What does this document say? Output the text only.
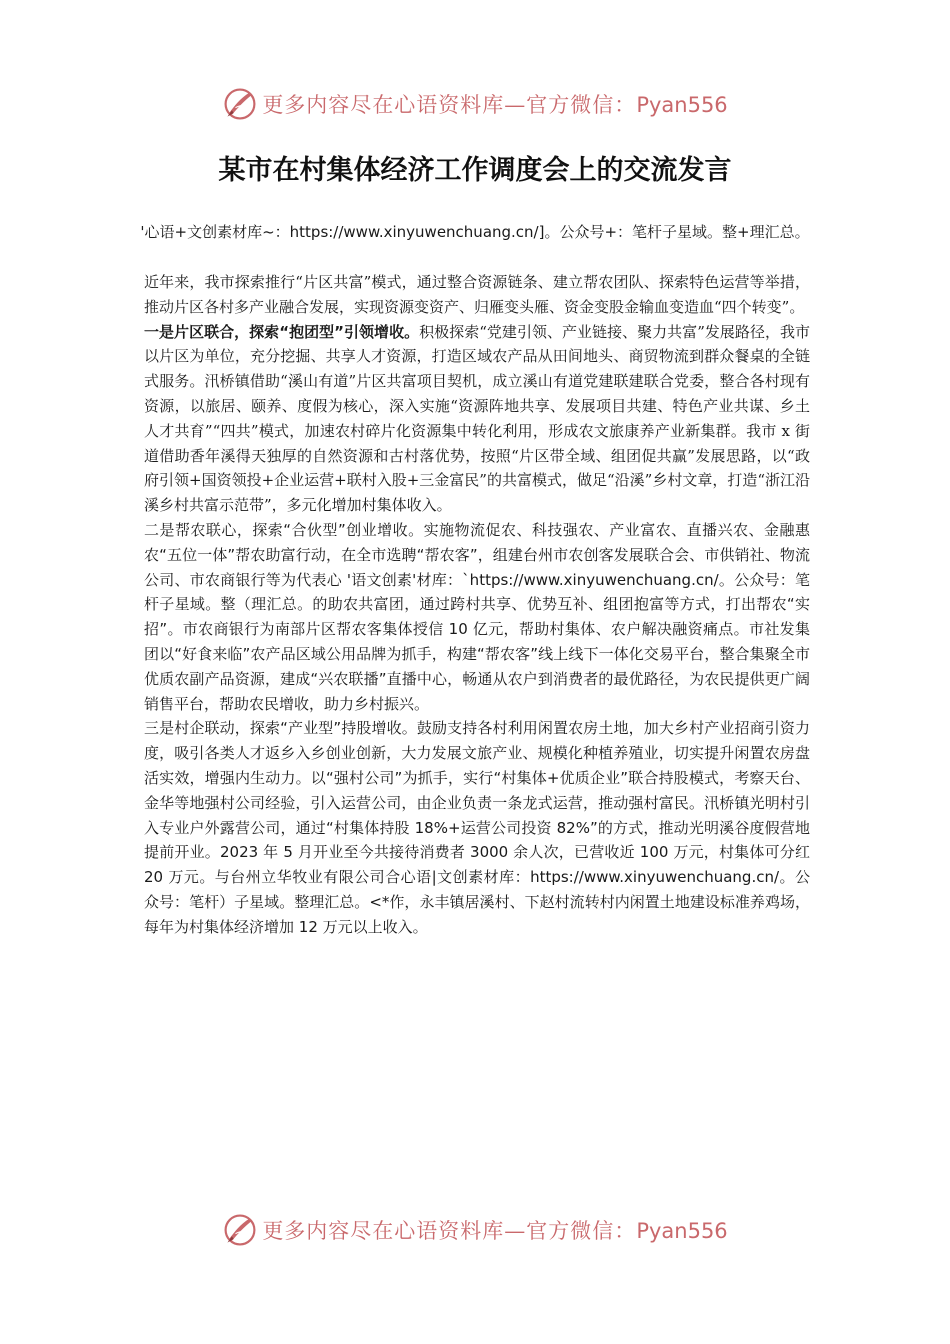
更多内容尽在心语资料库—官方微信：Pyan556
某市在村集体经济工作调度会上的交流发言

'心语+文创素材库~：https://www.xinyuwenchuang.cn/]。公众号+：笔杆子星域。整+理汇总。

近年来，我市探索推行“片区共富”模式，通过整合资源链条、建立帮农团队、探索特色运营等举措，推动片区各村多产业融合发展，实现资源变资产、归雁变头雁、资金变股金输血变造血“四个转变”。

一是片区联合，探索“抱团型”引领增收。积极探索“党建引领、产业链接、聚力共富”发展路径，我市以片区为单位，充分挖掘、共享人才资源，打造区域农产品从田间地头、商贸物流到群众餐桌的全链式服务。汛桥镇借助“溪山有道”片区共富项目契机，成立溪山有道党建联建联合党委，整合各村现有资源，以旅居、颐养、度假为核心，深入实施“资源阵地共享、发展项目共建、特色产业共谋、乡土人才共育”“四共”模式，加速农村碎片化资源集中转化利用，形成农文旅康养产业新集群。我市 x 街道借助香年溪得天独厚的自然资源和古村落优势，按照“片区带全域、组团促共赢”发展思路，以“政府引领+国资领投+企业运营+联村入股+三金富民”的共富模式，做足“沿溪”乡村文章，打造“浙江沿溪乡村共富示范带”，多元化增加村集体收入。

二是帮农联心，探索“合伙型”创业增收。实施物流促农、科技强农、产业富农、直播兴农、金融惠农“五位一体”帮农助富行动，在全市选聘“帮农客”，组建台州市农创客发展联合会、市供销社、物流公司、市农商银行等为代表心 '语文创素'材库：`https://www.xinyuwenchuang.cn/。公众号：笔杆子星域。整（理汇总。的助农共富团，通过跨村共享、优势互补、组团抱富等方式，打出帮农“实招”。市农商银行为南部片区帮农客集体授信 10 亿元，帮助村集体、农户解决融资痛点。市社发集团以“好食来临”农产品区域公用品牌为抓手，构建“帮农客”线上线下一体化交易平台，整合集聚全市优质农副产品资源，建成“兴农联播”直播中心，畅通从农户到消费者的最优路径，为农民提供更广阔销售平台，帮助农民增收，助力乡村振兴。

三是村企联动，探索“产业型”持股增收。鼓励支持各村利用闲置农房土地，加大乡村产业招商引资力度，吸引各类人才返乡入乡创业创新，大力发展文旅产业、规模化种植养殖业，切实提升闲置农房盘活实效，增强内生动力。以“强村公司”为抓手，实行“村集体+优质企业”联合持股模式，考察天台、金华等地强村公司经验，引入运营公司，由企业负责一条龙式运营，推动强村富民。汛桥镇光明村引入专业户外露营公司，通过“村集体持股 18%+运营公司投资 82%”的方式，推动光明溪谷度假营地提前开业。2023 年 5 月开业至今共接待消费者 3000 余人次，已营收近 100 万元，村集体可分红 20 万元。与台州立华牧业有限公司合心语|文创素材库：https://www.xinyuwenchuang.cn/。公众号：笔杆）子星域。整理汇总。<*作，永丰镇居溪村、下赵村流转村内闲置土地建设标准养鸡场，每年为村集体经济增加 12 万元以上收入。

更多内容尽在心语资料库—官方微信：Pyan556
